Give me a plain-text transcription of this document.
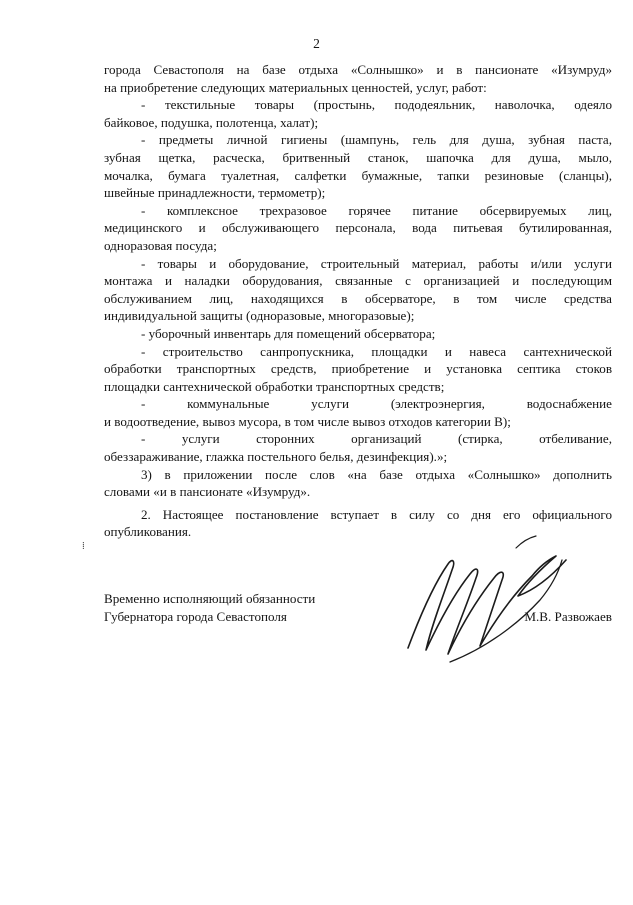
2
⁞
города Севастополя на базе отдыха «Солнышко» и в пансионате «Изумруд»
на приобретение следующих материальных ценностей, услуг, работ:
- текстильные товары (простынь, пододеяльник, наволочка, одеяло
байковое, подушка, полотенца, халат);
- предметы личной гигиены (шампунь, гель для душа, зубная паста,
зубная щетка, расческа, бритвенный станок, шапочка для душа, мыло,
мочалка, бумага туалетная, салфетки бумажные, тапки резиновые (сланцы),
швейные принадлежности, термометр);
- комплексное трехразовое горячее питание обсервируемых лиц,
медицинского и обслуживающего персонала, вода питьевая бутилированная,
одноразовая посуда;
- товары и оборудование, строительный материал, работы и/или услуги
монтажа и наладки оборудования, связанные с организацией и последующим
обслуживанием лиц, находящихся в обсерваторе, в том числе средства
индивидуальной защиты (одноразовые, многоразовые);
- уборочный инвентарь для помещений обсерватора;
- строительство санпропускника, площадки и навеса сантехнической
обработки транспортных средств, приобретение и установка септика стоков
площадки сантехнической обработки транспортных средств;
- коммунальные услуги (электроэнергия, водоснабжение
и водоотведение, вывоз мусора, в том числе вывоз отходов категории В);
- услуги сторонних организаций (стирка, отбеливание,
обеззараживание, глажка постельного белья, дезинфекция).»;
3) в приложении после слов «на базе отдыха «Солнышко» дополнить
словами «и в пансионате «Изумруд».
2. Настоящее постановление вступает в силу со дня его официального
опубликования.
Временно исполняющий обязанности
Губернатора города Севастополя	М.В. Развожаев
